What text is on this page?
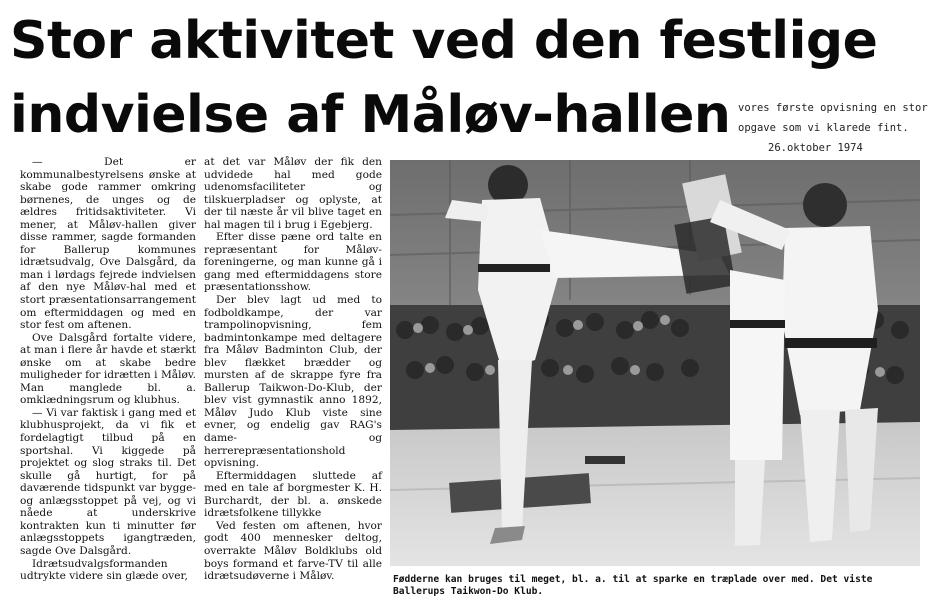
Stor aktivitet ved den festlige
indvielse af Måløv-hallen vores første opvisning en stor
opgave som vi klarede fint.
26.oktober 1974

— Det er kommunalbestyrelsens ønske at skabe gode rammer omkring børnenes, de unges og de ældres fritidsaktiviteter. Vi mener, at Måløv-hallen giver disse rammer, sagde formanden for Ballerup kommunes idrætsudvalg, Ove Dalsgård, da man i lørdags fejrede indvielsen af den nye Måløv-hal med et stort præsentationsarrangement om eftermiddagen og med en stor fest om aftenen.

Ove Dalsgård fortalte videre, at man i flere år havde et stærkt ønske om at skabe bedre muligheder for idrætten i Måløv. Man manglede bl. a. omklædningsrum og klubhus.

— Vi var faktisk i gang med et klubhusprojekt, da vi fik et fordelagtigt tilbud på en sportshal. Vi kiggede på projektet og slog straks til. Det skulle gå hurtigt, for på daværende tidspunkt var bygge- og anlægsstoppet på vej, og vi nåede at underskrive kontrakten kun ti minutter før anlægsstoppets igangtræden, sagde Ove Dalsgård.

Idrætsudvalgsformanden udtrykte videre sin glæde over,

at det var Måløv der fik den udvidede hal med gode udenomsfaciliteter og tilskuerpladser og oplyste, at der til næste år vil blive taget en hal magen til i brug i Egebjerg.

Efter disse pæne ord talte en repræsentant for Måløv-foreningerne, og man kunne gå i gang med eftermiddagens store præsentationsshow.

Der blev lagt ud med to fodboldkampe, der var trampolinopvisning, fem badmintonkampe med deltagere fra Måløv Badminton Club, der blev flækket brædder og mursten af de skrappe fyre fra Ballerup Taikwon-Do-Klub, der blev vist gymnastik anno 1892, Måløv Judo Klub viste sine evner, og endelig gav RAG's dame- og herrerepræsentationshold opvisning.

Eftermiddagen sluttede af med en tale af borgmester K. H. Burchardt, der bl. a. ønskede idrætsfolkene tillykke

Ved festen om aftenen, hvor godt 400 mennesker deltog, overrakte Måløv Boldklubs old boys formand et farve-TV til alle idrætsudøverne i Måløv.	Fødderne kan bruges til meget, bl. a. til at sparke en træplade over med. Det viste Ballerups Taikwon-Do Klub.
